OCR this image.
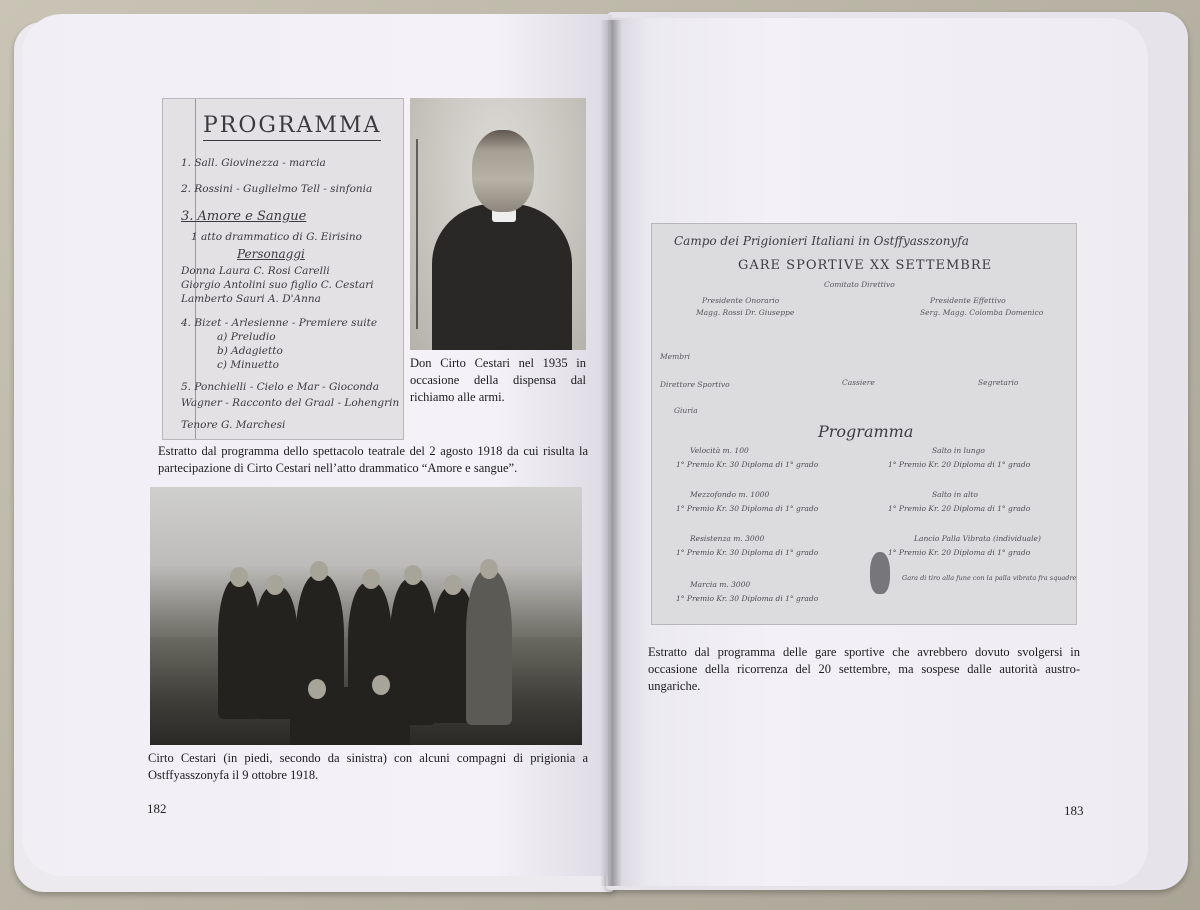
PROGRAMMA
1. Sall. Giovinezza - marcia
2. Rossini - Guglielmo Tell - sinfonia
3. Amore e Sangue
1 atto drammatico di G. Eirisino
Personaggi
Donna Laura C. Rosi Carelli
Giorgio Antolini suo figlio C. Cestari
Lamberto Sauri A. D'Anna
4. Bizet - Arlesienne - Premiere suite
a) Preludio
b) Adagietto
c) Minuetto
5. Ponchielli - Cielo e Mar - Gioconda
Wagner - Racconto del Graal - Lohengrin
Tenore G. Marchesi
Don Cirto Cestari nel 1935 in occasione della dispensa dal richiamo alle armi.
Estratto dal programma dello spettacolo teatrale del 2 agosto 1918 da cui risulta la partecipazione di Cirto Cestari nell’atto drammatico “Amore e sangue”.
Cirto Cestari (in piedi, secondo da sinistra) con alcuni compagni di prigionia a Ostffyasszonyfa il 9 ottobre 1918.
182
Campo dei Prigionieri Italiani in Ostffyasszonyfa
GARE SPORTIVE XX SETTEMBRE
Comitato Direttivo
Presidente Onorario
Magg. Rossi Dr. Giuseppe
Presidente Effettivo
Serg. Magg. Colomba Domenico
Membri
Direttore Sportivo	Cassiere	Segretario
Giuria
Programma
Velocità m. 100
1° Premio Kr. 30 Diploma di 1° grado
Mezzofondo m. 1000
1° Premio Kr. 30 Diploma di 1° grado
Resistenza m. 3000
1° Premio Kr. 30 Diploma di 1° grado
Marcia m. 3000
1° Premio Kr. 30 Diploma di 1° grado
Salto in lungo
1° Premio Kr. 20 Diploma di 1° grado
Salto in alto
1° Premio Kr. 20 Diploma di 1° grado
Lancio Palla Vibrata (individuale)
1° Premio Kr. 20 Diploma di 1° grado
Gara di tiro alla fune con la palla vibrata fra squadre
Estratto dal programma delle gare sportive che avrebbero dovuto svolgersi in occasione della ricorrenza del 20 settembre, ma sospese dalle autorità austro-ungariche.
183
